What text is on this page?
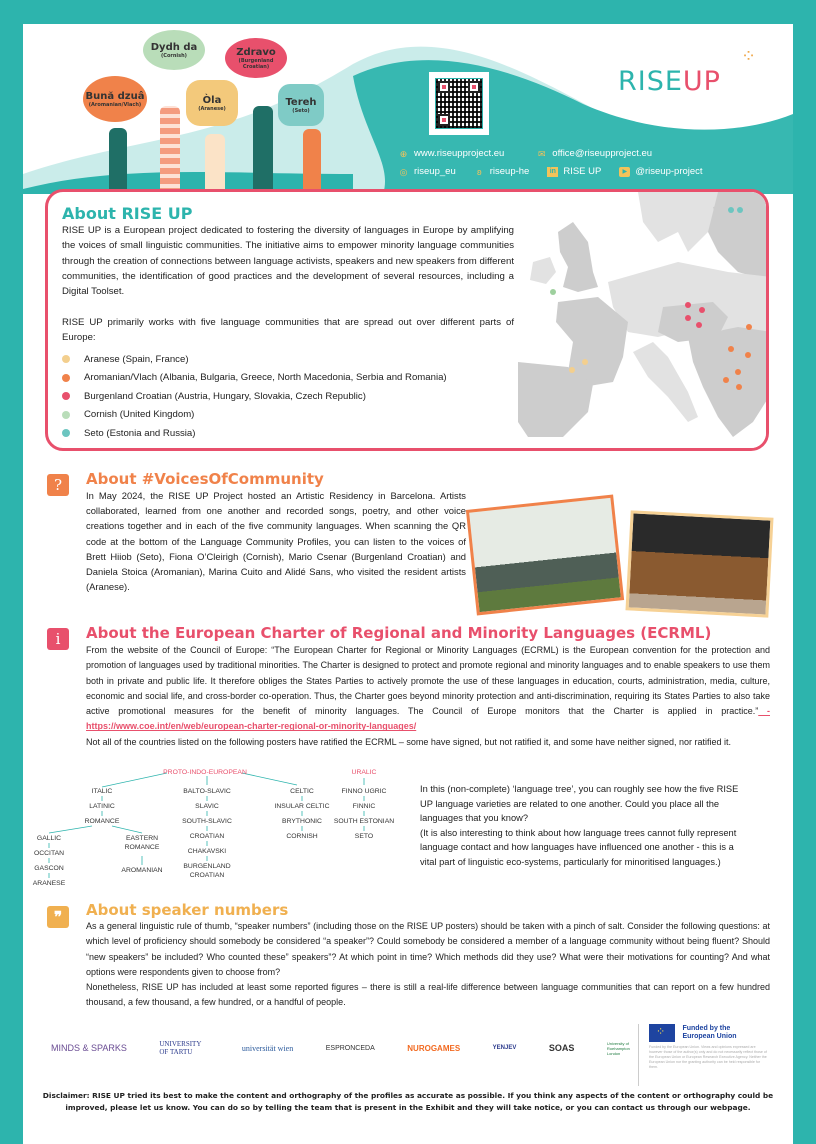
Bună dzuâ
(Aromanian/Vlach)
Dydh da
(Cornish)
Òla
(Aranese)
Zdravo
(Burgenland Croatian)
Tereh
(Seto)
RISEUP
⁘
⊕ www.riseupproject.eu	✉ office@riseupproject.eu
◎ riseup_eu	ʚ riseup-he	in RISE UP	▶ @riseup-project
About RISE UP
RISE UP is a European project dedicated to fostering the diversity of languages in Europe by amplifying the voices of small linguistic communities. The initiative aims to empower minority language communities through the creation of connections between language activists, speakers and new speakers from different communities, the identification of good practices and the development of several resources, including a Digital Toolset.
RISE UP primarily works with five language communities that are spread out over different parts of Europe:
Aranese (Spain, France)
Aromanian/Vlach (Albania, Bulgaria, Greece, North Macedonia, Serbia and Romania)
Burgenland Croatian (Austria, Hungary, Slovakia, Czech Republic)
Cornish (United Kingdom)
Seto (Estonia and Russia)
?	About #VoicesOfCommunity
In May 2024, the RISE UP Project hosted an Artistic Residency in Barcelona. Artists collaborated, learned from one another and recorded songs, poetry, and other voice creations together and in each of the five community languages. When scanning the QR code at the bottom of the Language Community Profiles, you can listen to the voices of Brett Hiiob (Seto), Fiona O’Cleirigh (Cornish), Mario Csenar (Burgenland Croatian) and Daniela Stoica (Aromanian), Marina Cuito and Alidé Sans, who visited the resident artists (Aranese).
i	About the European Charter of Regional and Minority Languages (ECRML)
From the website of the Council of Europe: “The European Charter for Regional or Minority Languages (ECRML) is the European convention for the protection and promotion of languages used by traditional minorities. The Charter is designed to protect and promote regional and minority languages and to enable speakers to use them both in private and public life. It therefore obliges the States Parties to actively promote the use of these languages in education, courts, administration, media, culture, economic and social life, and cross-border co-operation. Thus, the Charter goes beyond minority protection and anti-discrimination, requiring its States Parties to also take active promotional measures for the benefit of minority languages. The Council of Europe monitors that the Charter is applied in practice.” - https://www.coe.int/en/web/european-charter-regional-or-minority-languages/
Not all of the countries listed on the following posters have ratified the ECRML – some have signed, but not ratified it, and some have neither signed, nor ratified it.
PROTO-INDO-EUROPEAN	URALIC
ITALIC
LATINIC
ROMANCE
GALLIC
OCCITAN
GASCON
ARANESE
EASTERN ROMANCE
AROMANIAN
BALTO-SLAVIC
SLAVIC
SOUTH-SLAVIC
CROATIAN
CHAKAVSKI
BURGENLAND CROATIAN
CELTIC
INSULAR CELTIC
BRYTHONIC
CORNISH
FINNO UGRIC
FINNIC
SOUTH ESTONIAN
SETO
In this (non-complete) ‘language tree’, you can roughly see how the five RISE UP language varieties are related to one another. Could you place all the languages that you know?
(It is also interesting to think about how language trees cannot fully represent language contact and how languages have influenced one another - this is a vital part of linguistic eco-systems, particularly for minoritised languages.)
❞	About speaker numbers
As a general linguistic rule of thumb, “speaker numbers” (including those on the RISE UP posters) should be taken with a pinch of salt. Consider the following questions: at which level of proficiency should somebody be considered “a speaker”? Could somebody be considered a member of a language community without being fluent? Should “new speakers” be included? Who counted these” speakers”? At which point in time? Which methods did they use? What were their motivations for counting? And what options were respondents given to choose from?
Nonetheless, RISE UP has included at least some reported figures – there is still a real-life difference between language communities that can report on a few hundred thousand, a few thousand, a few hundred, or a handful of people.
MINDS & SPARKS	UNIVERSITY OF TARTU	universität wien	ESPRONCEDA	NUROGAMES	YENJEV	SOAS	University of Roehampton London
⁘ Funded by the European Union
Funded by the European Union. Views and opinions expressed are however those of the author(s) only and do not necessarily reflect those of the European Union or European Research Executive Agency. Neither the European Union nor the granting authority can be held responsible for them.
Disclaimer: RISE UP tried its best to make the content and orthography of the profiles as accurate as possible. If you think any aspects of the content or orthography could be improved, please let us know. You can do so by telling the team that is present in the Exhibit and they will take notice, or you can contact us through our webpage.
